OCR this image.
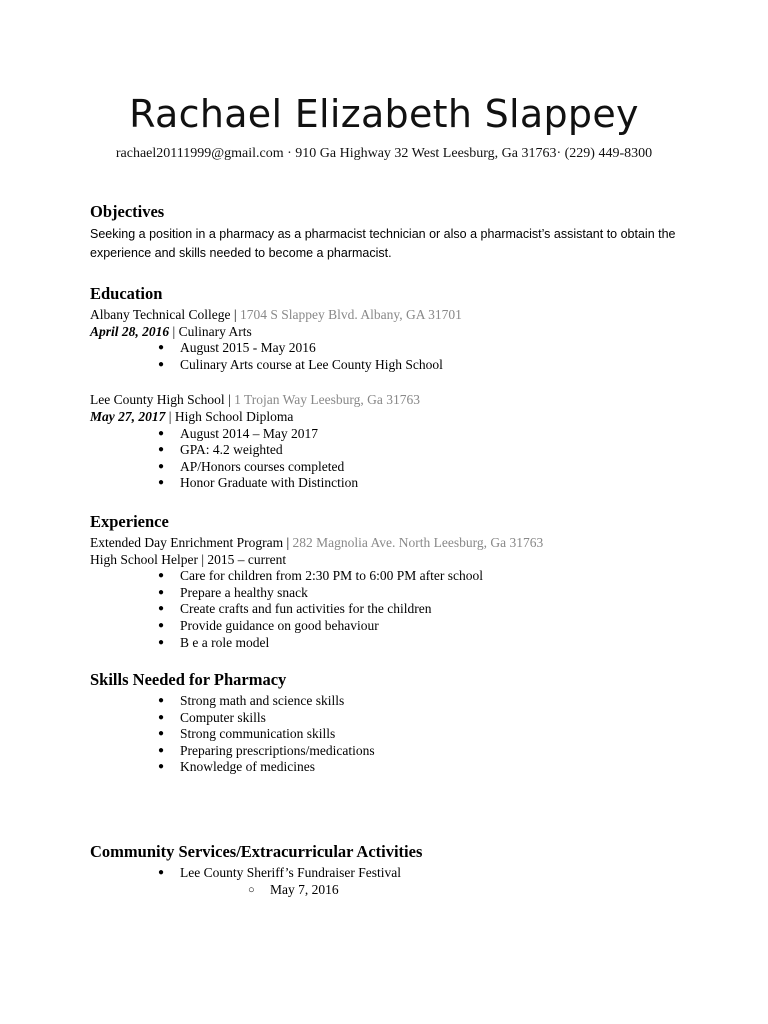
Rachael Elizabeth Slappey
rachael20111999@gmail.com · 910 Ga Highway 32 West Leesburg, Ga 31763· (229) 449-8300
Objectives
Seeking a position in a pharmacy as a pharmacist technician or also a pharmacist’s assistant to obtain the
experience and skills needed to become a pharmacist.
Education
Albany Technical College | 1704 S Slappey Blvd. Albany, GA 31701
April 28, 2016 | Culinary Arts
● August 2015 - May 2016
● Culinary Arts course at Lee County High School
Lee County High School | 1 Trojan Way Leesburg, Ga 31763
May 27, 2017 | High School Diploma
● August 2014 – May 2017
● GPA: 4.2 weighted
● AP/Honors courses completed
● Honor Graduate with Distinction
Experience
Extended Day Enrichment Program | 282 Magnolia Ave. North Leesburg, Ga 31763
High School Helper | 2015 – current
● Care for children from 2:30 PM to 6:00 PM after school
● Prepare a healthy snack
● Create crafts and fun activities for the children
● Provide guidance on good behaviour
● B e a role model
Skills Needed for Pharmacy
● Strong math and science skills
● Computer skills
● Strong communication skills
● Preparing prescriptions/medications
● Knowledge of medicines
Community Services/Extracurricular Activities
● Lee County Sheriff’s Fundraiser Festival
○ May 7, 2016
